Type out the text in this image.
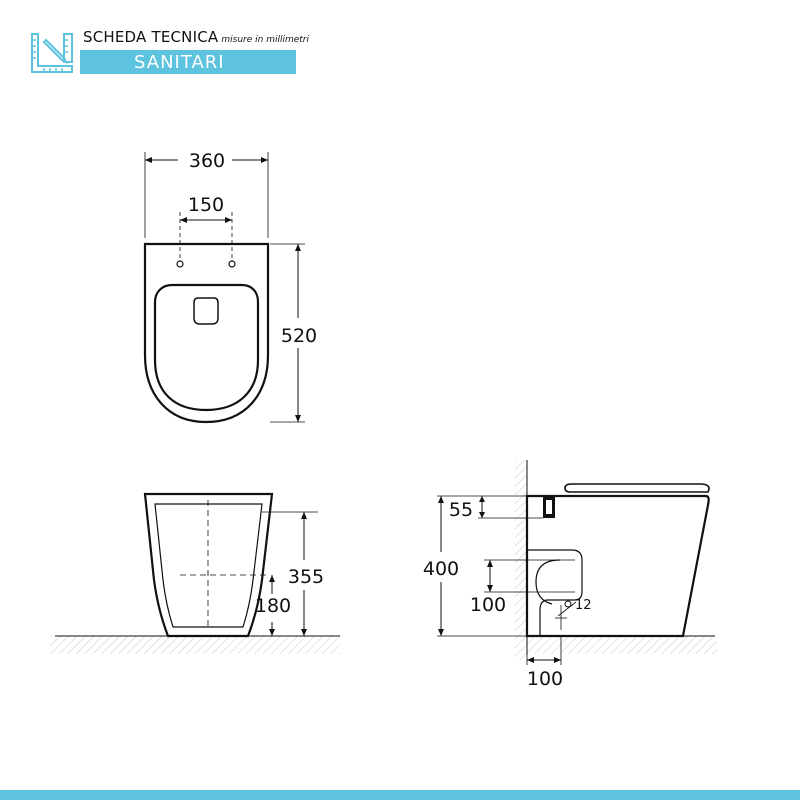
SCHEDA TECNICA misure in millimetri
SANITARI
360
150
520
355
180
55
400
100
100
12
